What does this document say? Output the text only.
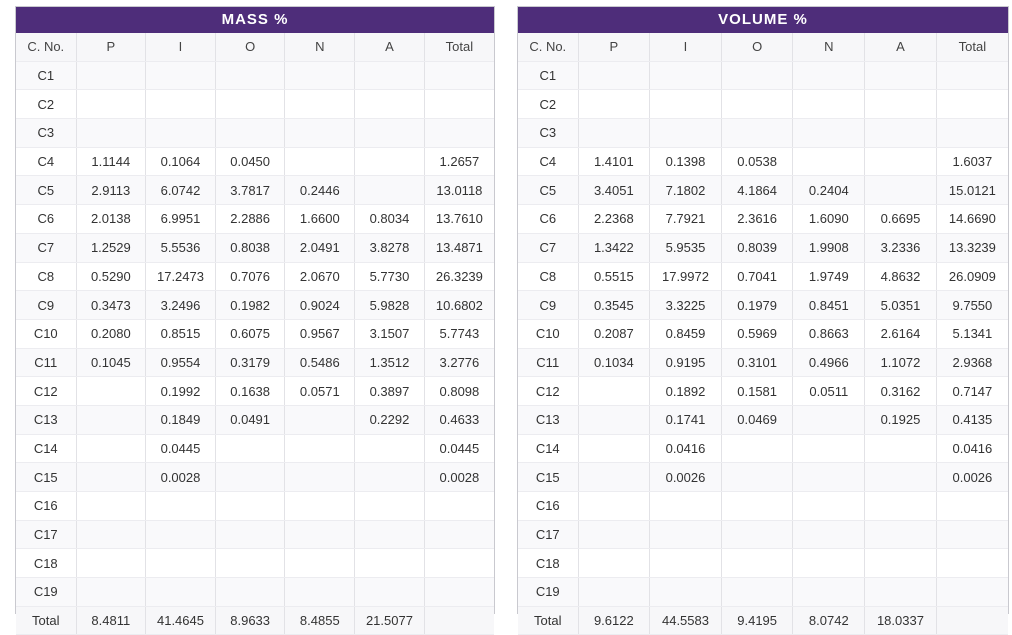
MASS %
C. No.	P	I	O	N	A	Total
C1						
C2						
C3						
C4	1.1144	0.1064	0.0450			1.2657
C5	2.9113	6.0742	3.7817	0.2446		13.0118
C6	2.0138	6.9951	2.2886	1.6600	0.8034	13.7610
C7	1.2529	5.5536	0.8038	2.0491	3.8278	13.4871
C8	0.5290	17.2473	0.7076	2.0670	5.7730	26.3239
C9	0.3473	3.2496	0.1982	0.9024	5.9828	10.6802
C10	0.2080	0.8515	0.6075	0.9567	3.1507	5.7743
C11	0.1045	0.9554	0.3179	0.5486	1.3512	3.2776
C12		0.1992	0.1638	0.0571	0.3897	0.8098
C13		0.1849	0.0491		0.2292	0.4633
C14		0.0445				0.0445
C15		0.0028				0.0028
C16						
C17						
C18						
C19						
Total	8.4811	41.4645	8.9633	8.4855	21.5077	
VOLUME %
C. No.	P	I	O	N	A	Total
C1						
C2						
C3						
C4	1.4101	0.1398	0.0538			1.6037
C5	3.4051	7.1802	4.1864	0.2404		15.0121
C6	2.2368	7.7921	2.3616	1.6090	0.6695	14.6690
C7	1.3422	5.9535	0.8039	1.9908	3.2336	13.3239
C8	0.5515	17.9972	0.7041	1.9749	4.8632	26.0909
C9	0.3545	3.3225	0.1979	0.8451	5.0351	9.7550
C10	0.2087	0.8459	0.5969	0.8663	2.6164	5.1341
C11	0.1034	0.9195	0.3101	0.4966	1.1072	2.9368
C12		0.1892	0.1581	0.0511	0.3162	0.7147
C13		0.1741	0.0469		0.1925	0.4135
C14		0.0416				0.0416
C15		0.0026				0.0026
C16						
C17						
C18						
C19						
Total	9.6122	44.5583	9.4195	8.0742	18.0337	
